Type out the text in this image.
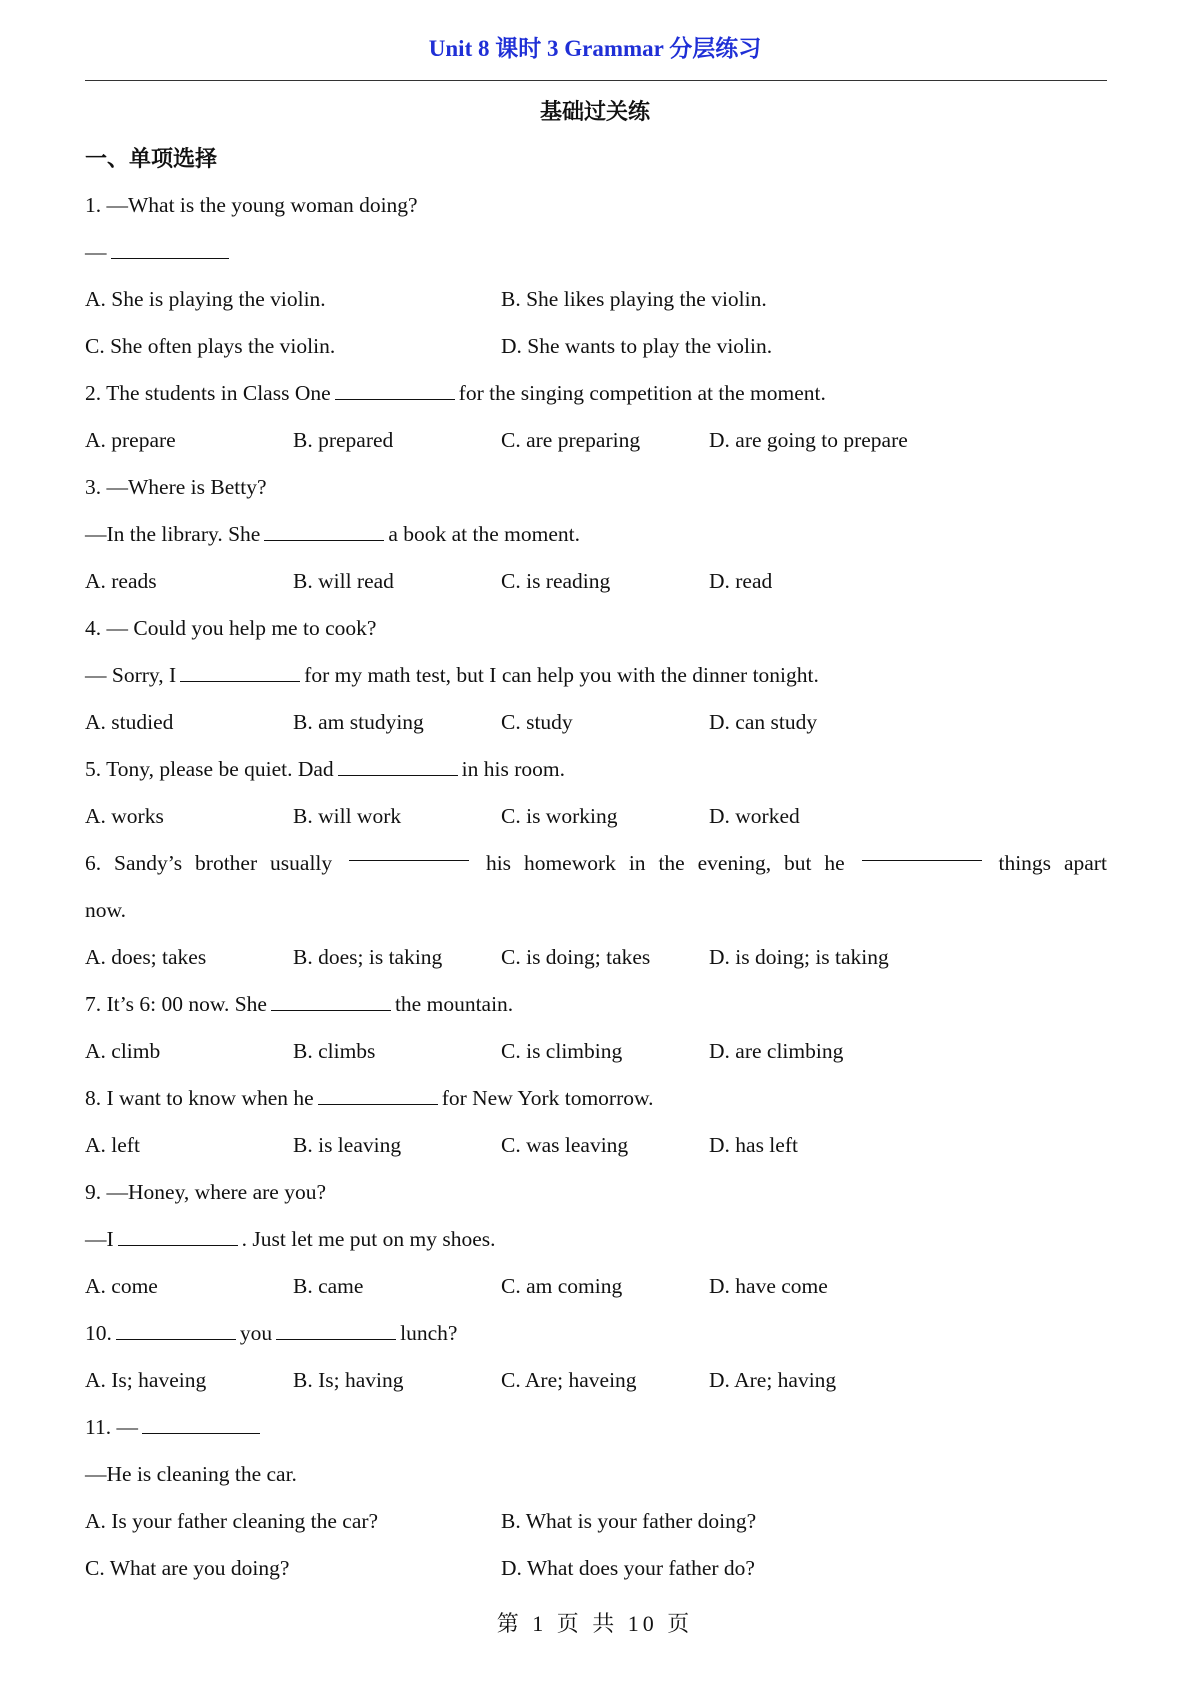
Unit 8 课时 3 Grammar 分层练习
基础过关练
一、单项选择
1. —What is the young woman doing?
—
A. She is playing the violin.	B. She likes playing the violin.
C. She often plays the violin.	D. She wants to play the violin.
2. The students in Class One	for the singing competition at the moment.
A. prepare	B. prepared	C. are preparing	D. are going to prepare
3. —Where is Betty?
—In the library. She	a book at the moment.
A. reads	B. will read	C. is reading	D. read
4. — Could you help me to cook?
— Sorry, I	for my math test, but I can help you with the dinner tonight.
A. studied	B. am studying	C. study	D. can study
5. Tony, please be quiet. Dad	in his room.
A. works	B. will work	C. is working	D. worked
6. Sandy’s brother usually	his homework in the evening, but he	things apart
now.
A. does; takes	B. does; is taking	C. is doing; takes	D. is doing; is taking
7. It’s 6: 00 now. She	the mountain.
A. climb	B. climbs	C. is climbing	D. are climbing
8. I want to know when he	for New York tomorrow.
A. left	B. is leaving	C. was leaving	D. has left
9. —Honey, where are you?
—I	. Just let me put on my shoes.
A. come	B. came	C. am coming	D. have come
10.	you	lunch?
A. Is; haveing	B. Is; having	C. Are; haveing	D. Are; having
11. —
—He is cleaning the car.
A. Is your father cleaning the car?	B. What is your father doing?
C. What are you doing?	D. What does your father do?
第 1 页 共 10 页
